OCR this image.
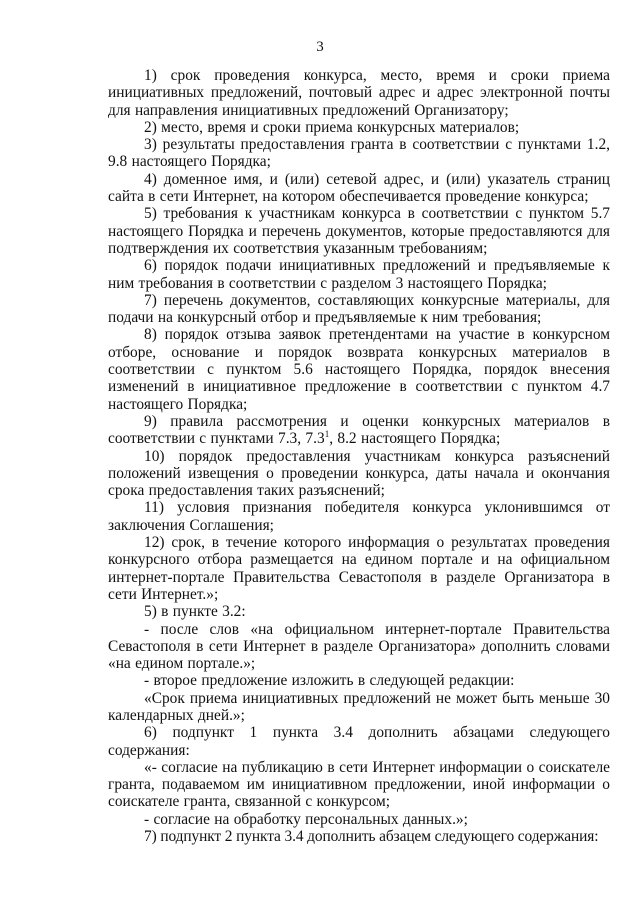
3

1) срок проведения конкурса, место, время и сроки приема инициативных предложений, почтовый адрес и адрес электронной почты для направления инициативных предложений Организатору;

2) место, время и сроки приема конкурсных материалов;

3) результаты предоставления гранта в соответствии с пунктами 1.2, 9.8 настоящего Порядка;

4) доменное имя, и (или) сетевой адрес, и (или) указатель страниц сайта в сети Интернет, на котором обеспечивается проведение конкурса;

5) требования к участникам конкурса в соответствии с пунктом 5.7 настоящего Порядка и перечень документов, которые предоставляются для подтверждения их соответствия указанным требованиям;

6) порядок подачи инициативных предложений и предъявляемые к ним требования в соответствии с разделом 3 настоящего Порядка;

7) перечень документов, составляющих конкурсные материалы, для подачи на конкурсный отбор и предъявляемые к ним требования;

8) порядок отзыва заявок претендентами на участие в конкурсном отборе, основание и порядок возврата конкурсных материалов в соответствии с пунктом 5.6 настоящего Порядка, порядок внесения изменений в инициативное предложение в соответствии с пунктом 4.7 настоящего Порядка;

9) правила рассмотрения и оценки конкурсных материалов в соответствии с пунктами 7.3, $7.3^1$, 8.2 настоящего Порядка;

10) порядок предоставления участникам конкурса разъяснений положений извещения о проведении конкурса, даты начала и окончания срока предоставления таких разъяснений;

11) условия признания победителя конкурса уклонившимся от заключения Соглашения;

12) срок, в течение которого информация о результатах проведения конкурсного отбора размещается на едином портале и на официальном интернет-портале Правительства Севастополя в разделе Организатора в сети Интернет.»;

5) в пункте 3.2:

- после слов «на официальном интернет-портале Правительства Севастополя в сети Интернет в разделе Организатора» дополнить словами «на едином портале.»;

- второе предложение изложить в следующей редакции:

«Срок приема инициативных предложений не может быть меньше 30 календарных дней.»;

6) подпункт 1 пункта 3.4 дополнить абзацами следующего содержания:

«- согласие на публикацию в сети Интернет информации о соискателе гранта, подаваемом им инициативном предложении, иной информации о соискателе гранта, связанной с конкурсом;

- согласие на обработку персональных данных.»;

7) подпункт 2 пункта 3.4 дополнить абзацем следующего содержания:
